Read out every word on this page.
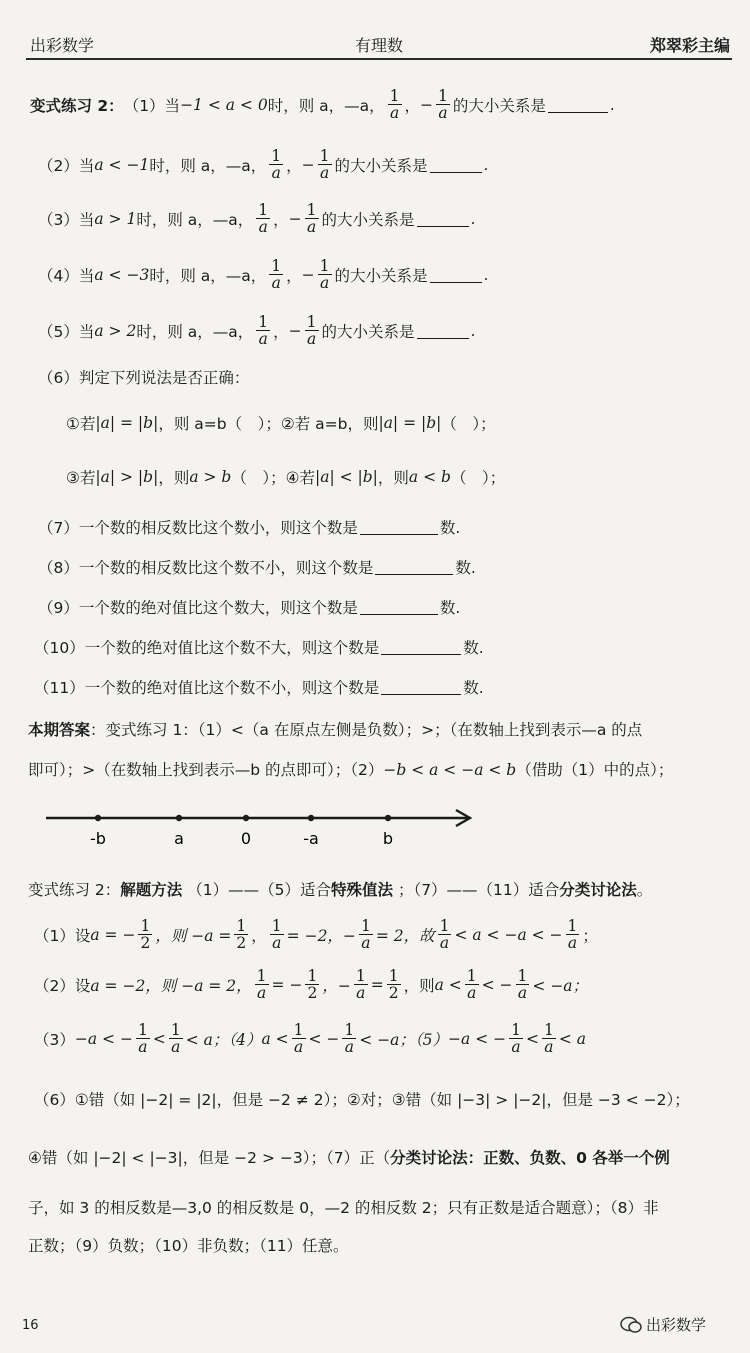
出彩数学	有理数	郑翠彩主编
变式练习 2： （1）当 −1 < a < 0 时，则 a，—a， $\frac{1}{a}$ ， − $\frac{1}{a}$ 的大小关系是	.
（2）当 a < −1 时，则 a，—a， $\frac{1}{a}$ ， − $\frac{1}{a}$ 的大小关系是	.
（3）当 a > 1 时，则 a，—a， $\frac{1}{a}$ ， − $\frac{1}{a}$ 的大小关系是	.
（4）当 a < −3 时，则 a，—a， $\frac{1}{a}$ ， − $\frac{1}{a}$ 的大小关系是	.
（5）当 a > 2 时，则 a，—a， $\frac{1}{a}$ ， − $\frac{1}{a}$ 的大小关系是	.
（6）判定下列说法是否正确：
①若 |a| = |b| ，则 a=b（　）；②若 a=b，则 |a| = |b| （　）；
③若 |a| > |b| ，则 a > b （　）；④若 |a| < |b| ，则 a < b （　）；
（7）一个数的相反数比这个数小，则这个数是	数.
（8）一个数的相反数比这个数不小，则这个数是	数.
（9）一个数的绝对值比这个数大，则这个数是	数.
（10）一个数的绝对值比这个数不大，则这个数是	数.
（11）一个数的绝对值比这个数不小，则这个数是	数.
本期答案：变式练习 1：（1）<（a 在原点左侧是负数）；>；（在数轴上找到表示—a 的点
即可）；>（在数轴上找到表示—b 的点即可）；（2）−b < a < −a < b（借助（1）中的点）；
-b	a	0	-a	b
变式练习 2：解题方法 （1）——（5）适合特殊值法 ；（7）——（11）适合分类讨论法。
（1）设 a = − $\frac{1}{2}$ ，则 $-a = \frac{1}{2}$ ， $\frac{1}{a} = -2$，− $\frac{1}{a} = 2$，故 $\frac{1}{a} < a < -a$ < − $\frac{1}{a}$ ；
（2）设 a = −2，则 −a = 2， $\frac{1}{a}$ = − $\frac{1}{2}$ ，− $\frac{1}{a} = \frac{1}{2}$ ，则 $a < \frac{1}{a}$ < − $\frac{1}{a} < -a$；
（3） −a < − $\frac{1}{a} < \frac{1}{a} < a$；（4） $a < \frac{1}{a}$ < − $\frac{1}{a} < -a$；（5） −a < − $\frac{1}{a} < \frac{1}{a} < a$
（6）①错（如 |−2| = |2|，但是 −2 ≠ 2）；②对；③错（如 |−3| > |−2|，但是 −3 < −2）；
④错（如 |−2| < |−3|，但是 −2 > −3）；（7）正（分类讨论法：正数、负数、0 各举一个例
子，如 3 的相反数是—3,0 的相反数是 0，—2 的相反数 2；只有正数是适合题意）；（8）非
正数；（9）负数；（10）非负数；（11）任意。
16	出彩数学
